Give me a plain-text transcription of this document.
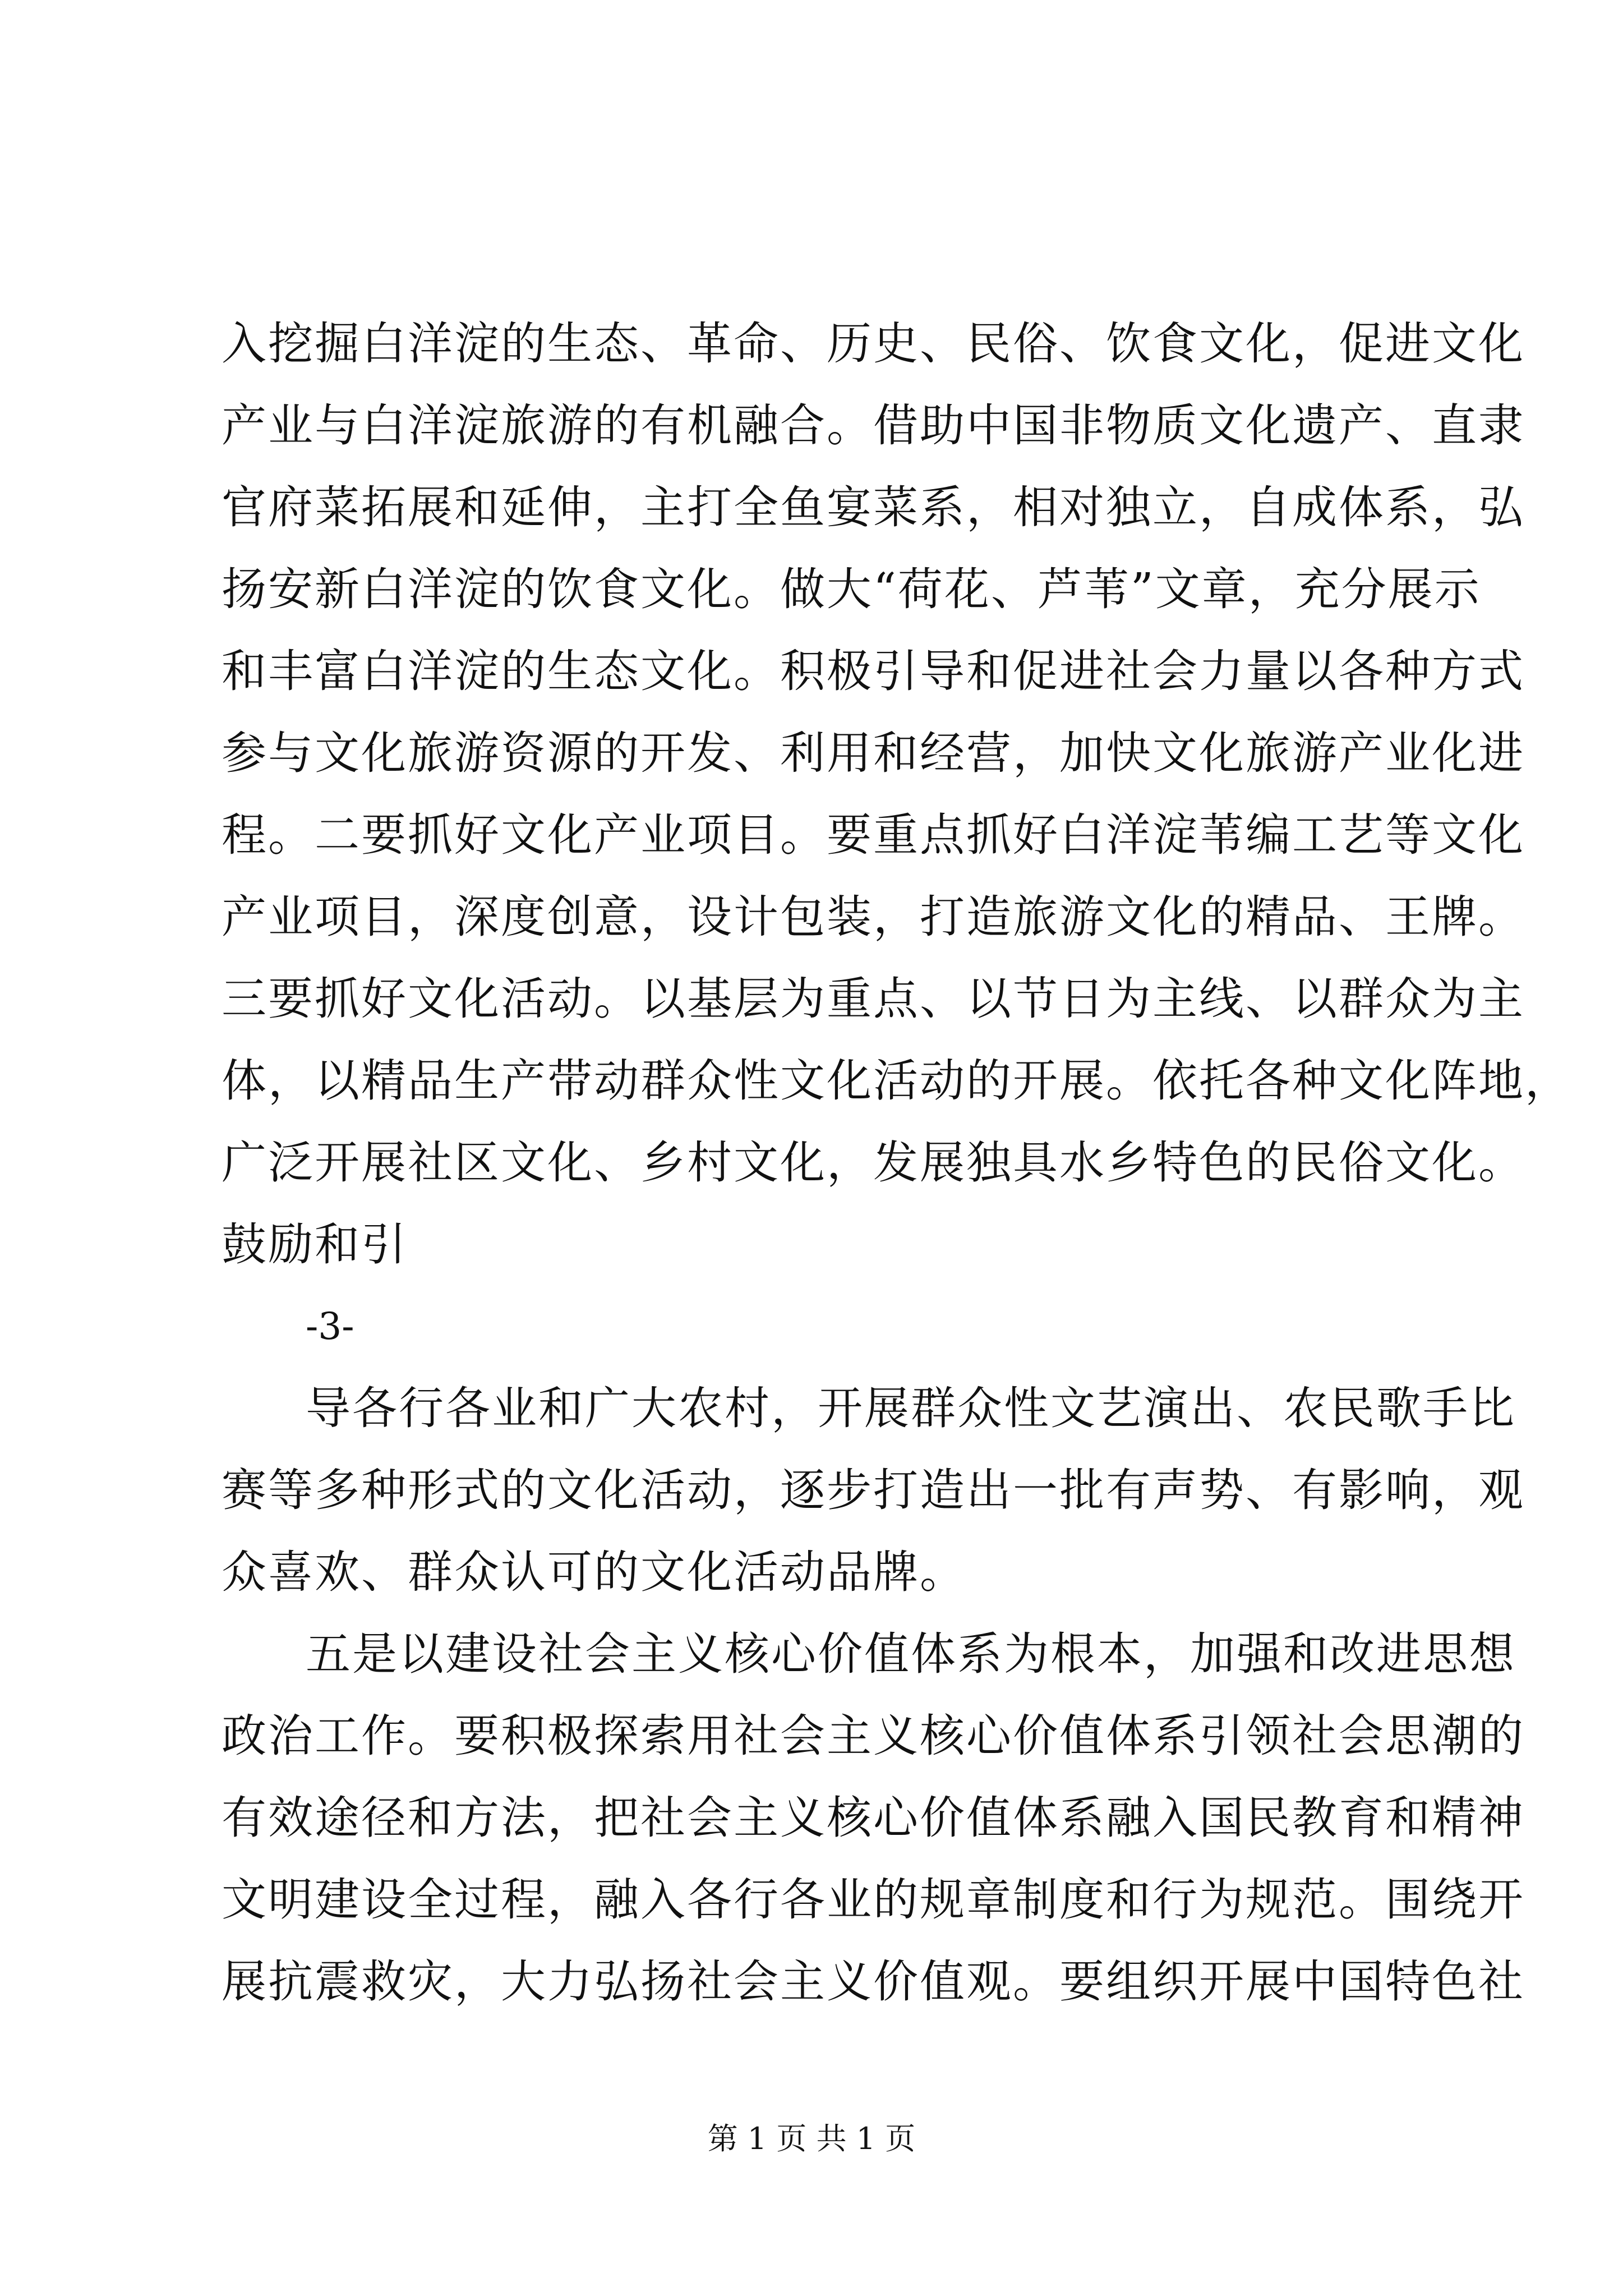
入挖掘白洋淀的生态、革命、历史、民俗、饮食文化，促进文化
产业与白洋淀旅游的有机融合。借助中国非物质文化遗产、直隶
官府菜拓展和延伸，主打全鱼宴菜系，相对独立，自成体系，弘
扬安新白洋淀的饮食文化。做大“荷花、芦苇”文章，充分展示
和丰富白洋淀的生态文化。积极引导和促进社会力量以各种方式
参与文化旅游资源的开发、利用和经营，加快文化旅游产业化进
程。二要抓好文化产业项目。要重点抓好白洋淀苇编工艺等文化
产业项目，深度创意，设计包装，打造旅游文化的精品、王牌。
三要抓好文化活动。以基层为重点、以节日为主线、以群众为主
体，以精品生产带动群众性文化活动的开展。依托各种文化阵地，
广泛开展社区文化、乡村文化，发展独具水乡特色的民俗文化。
鼓励和引
-3-
导各行各业和广大农村，开展群众性文艺演出、农民歌手比
赛等多种形式的文化活动，逐步打造出一批有声势、有影响，观
众喜欢、群众认可的文化活动品牌。
五是以建设社会主义核心价值体系为根本，加强和改进思想
政治工作。要积极探索用社会主义核心价值体系引领社会思潮的
有效途径和方法，把社会主义核心价值体系融入国民教育和精神
文明建设全过程，融入各行各业的规章制度和行为规范。围绕开
展抗震救灾，大力弘扬社会主义价值观。要组织开展中国特色社
第 1 页 共 1 页
